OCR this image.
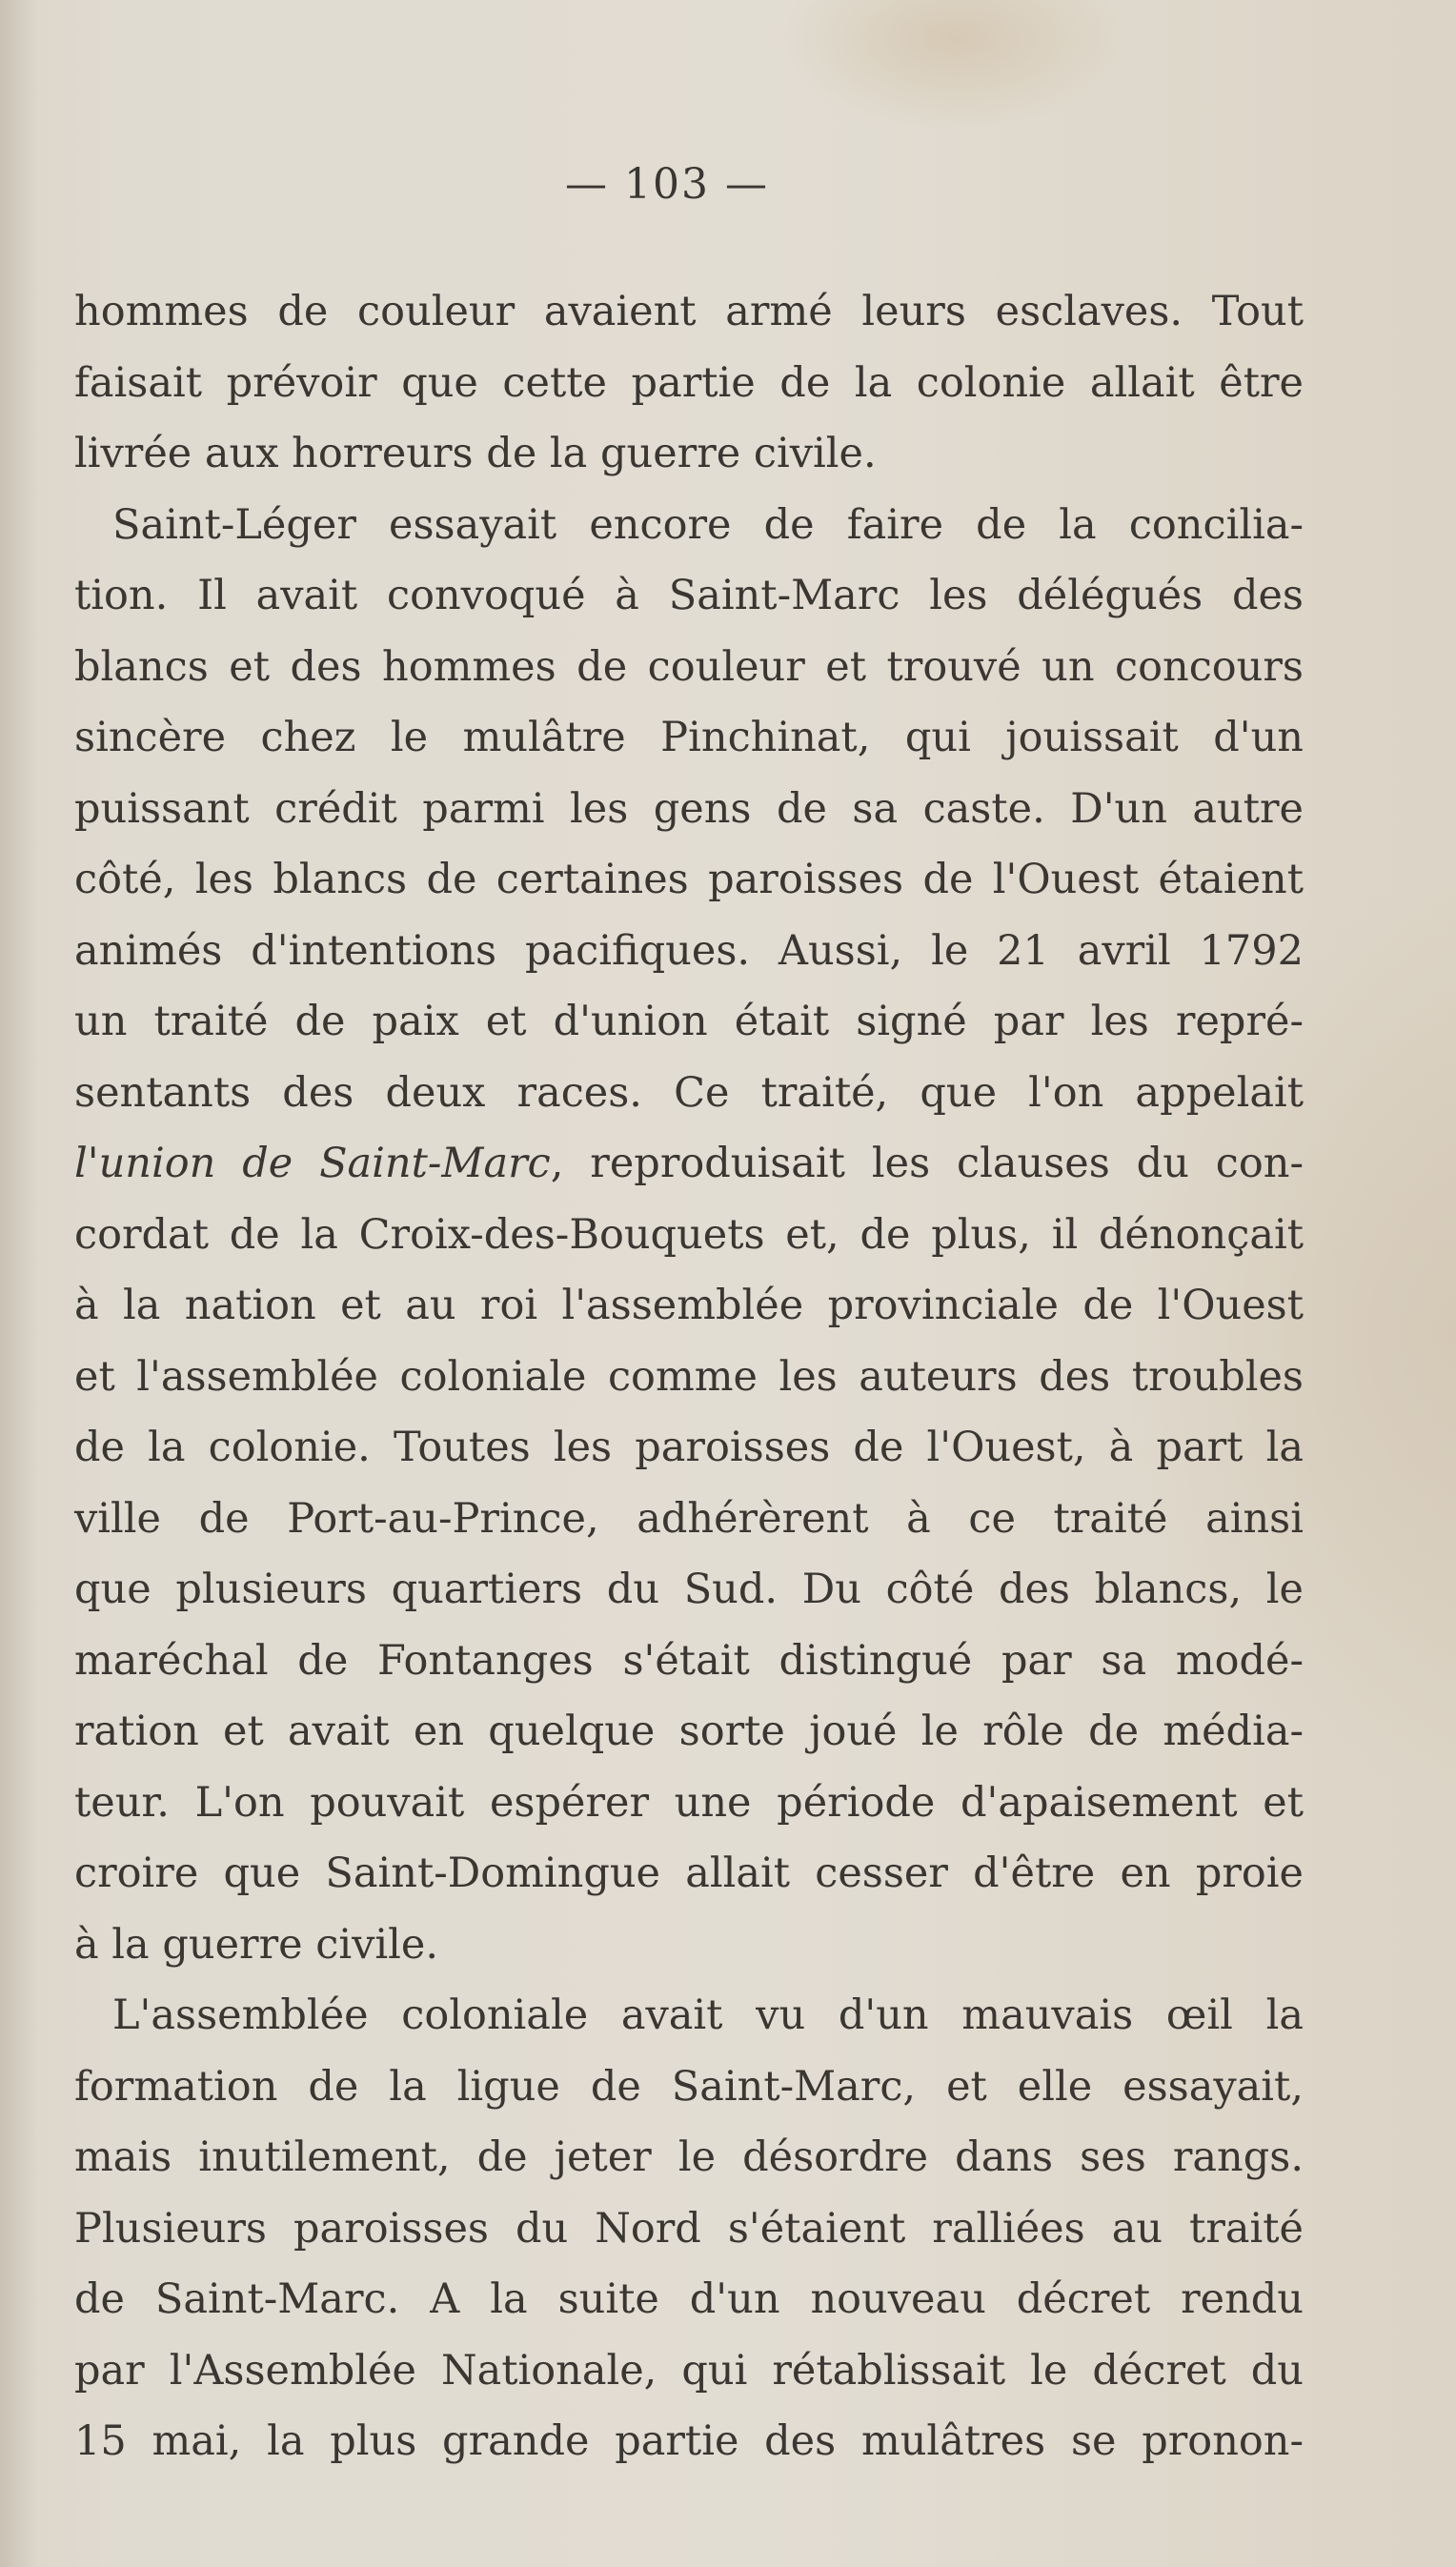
— 103 —
hommes de couleur avaient armé leurs esclaves. Tout
faisait prévoir que cette partie de la colonie allait être
livrée aux horreurs de la guerre civile.
Saint-Léger essayait encore de faire de la concilia-
tion. Il avait convoqué à Saint-Marc les délégués des
blancs et des hommes de couleur et trouvé un concours
sincère chez le mulâtre Pinchinat, qui jouissait d'un
puissant crédit parmi les gens de sa caste. D'un autre
côté, les blancs de certaines paroisses de l'Ouest étaient
animés d'intentions pacifiques. Aussi, le 21 avril 1792
un traité de paix et d'union était signé par les repré-
sentants des deux races. Ce traité, que l'on appelait
l'union de Saint-Marc, reproduisait les clauses du con-
cordat de la Croix-des-Bouquets et, de plus, il dénonçait
à la nation et au roi l'assemblée provinciale de l'Ouest
et l'assemblée coloniale comme les auteurs des troubles
de la colonie. Toutes les paroisses de l'Ouest, à part la
ville de Port-au-Prince, adhérèrent à ce traité ainsi
que plusieurs quartiers du Sud. Du côté des blancs, le
maréchal de Fontanges s'était distingué par sa modé-
ration et avait en quelque sorte joué le rôle de média-
teur. L'on pouvait espérer une période d'apaisement et
croire que Saint-Domingue allait cesser d'être en proie
à la guerre civile.
L'assemblée coloniale avait vu d'un mauvais œil la
formation de la ligue de Saint-Marc, et elle essayait,
mais inutilement, de jeter le désordre dans ses rangs.
Plusieurs paroisses du Nord s'étaient ralliées au traité
de Saint-Marc. A la suite d'un nouveau décret rendu
par l'Assemblée Nationale, qui rétablissait le décret du
15 mai, la plus grande partie des mulâtres se pronon-
